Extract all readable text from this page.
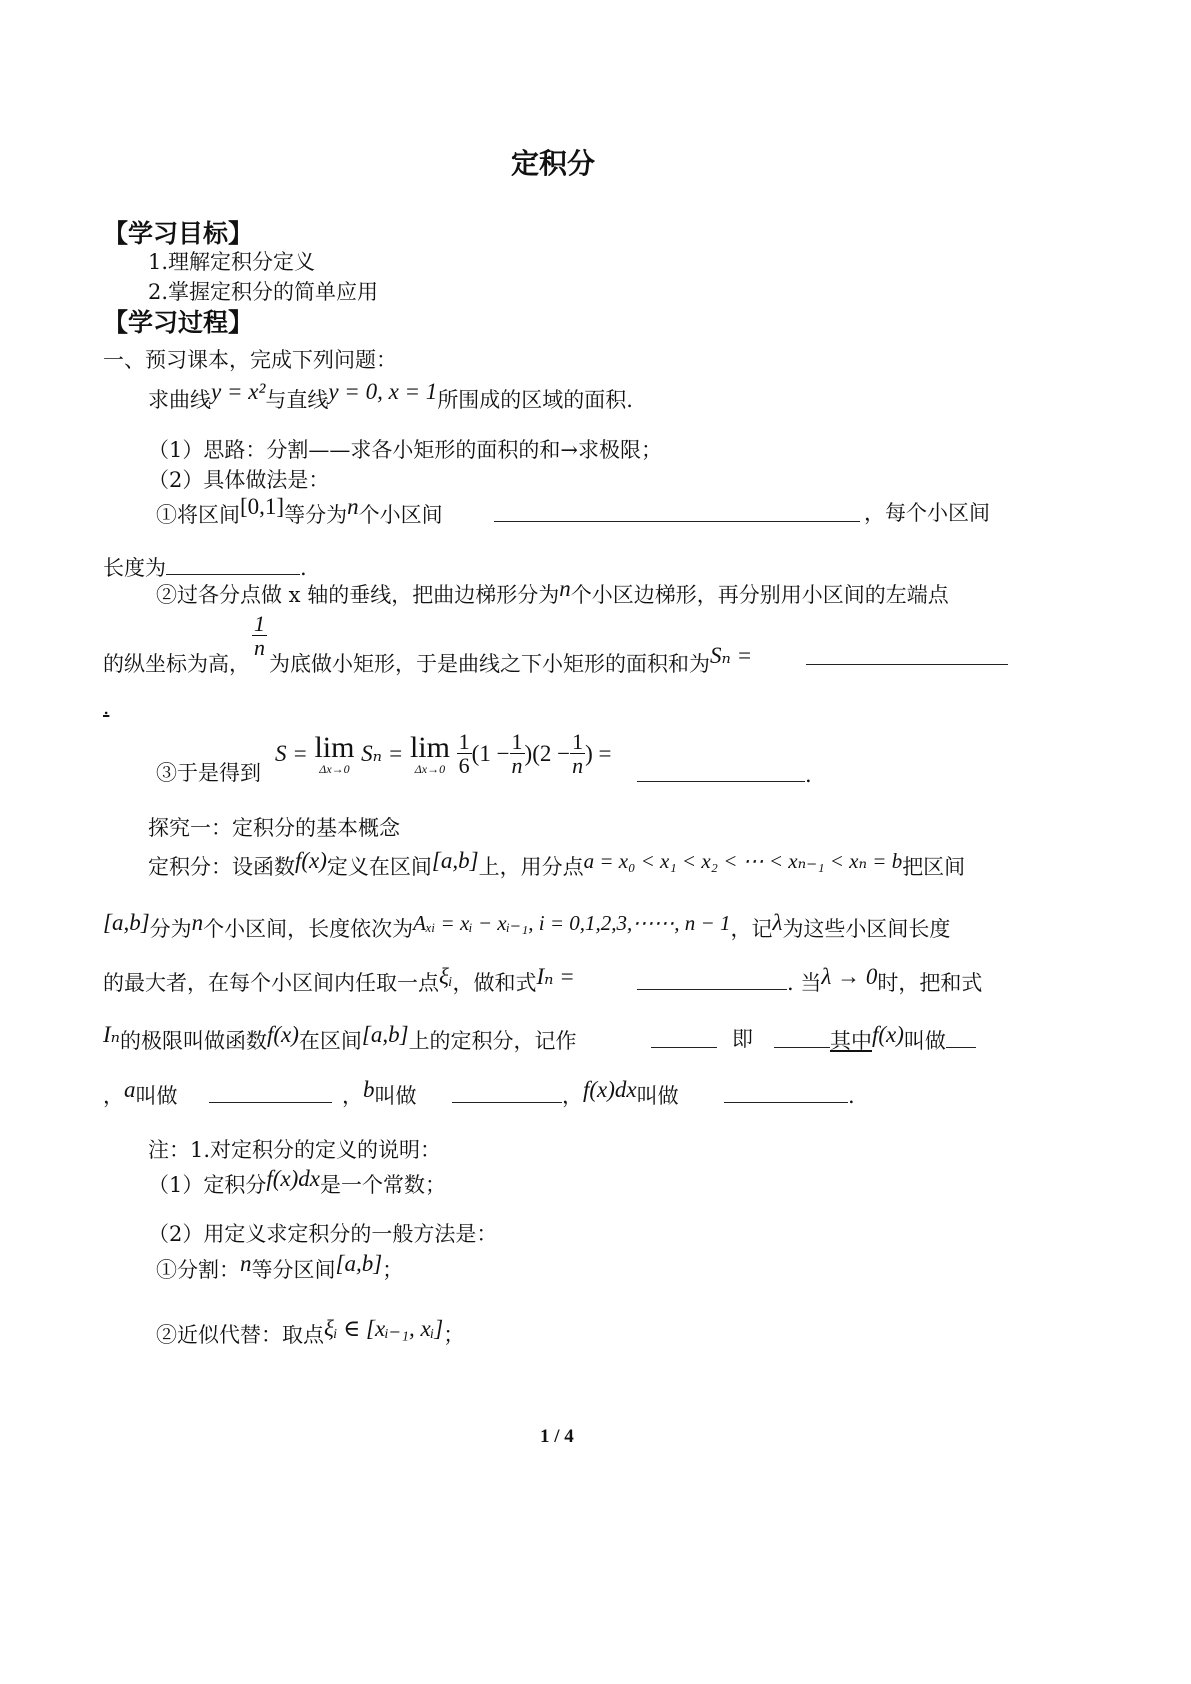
定积分
【学习目标】
1.理解定积分定义
2.掌握定积分的简单应用
【学习过程】
一、预习课本，完成下列问题：
求曲线y = x²与直线y = 0, x = 1所围成的区域的面积.
（1）思路：分割——求各小矩形的面积的和→求极限；
（2）具体做法是：
①将区间[0,1]等分为n个小区间	，每个小区间
长度为	.
②过各分点做 x 轴的垂线，把曲边梯形分为n个小区边梯形，再分别用小区间的左端点
的纵坐标为高，
$\frac{1}{n}$
为底做小矩形，于是曲线之下小矩形的面积和为Sₙ =
.
③于是得到
S = lim
Δx→0
Sₙ = lim
Δx→0
$\frac{1}{6} (1 - \frac{1}{n} )(2 - \frac{1}{n}$ ) =
.
探究一：定积分的基本概念
定积分：设函数f(x)定义在区间[a,b]上，用分点a = x₀ < x₁ < x₂ < ⋯ < xₙ₋₁ < xₙ = b把区间
[a,b]分为n个小区间，长度依次为Aₓᵢ = xᵢ − xᵢ₋₁, i = 0,1,2,3,⋯⋯, n − 1，记λ为这些小区间长度
的最大者，在每个小区间内任取一点ξᵢ，做和式Iₙ =	. 当λ → 0时，把和式
Iₙ的极限叫做函数f(x)在区间[a,b]上的定积分，记作	即	其中f(x)叫做
，a叫做	，b叫做	，f(x)dx叫做	.
注：1.对定积分的定义的说明：
（1）定积分f(x)dx是一个常数；
（2）用定义求定积分的一般方法是：
①分割：n等分区间[a,b]；
②近似代替：取点ξᵢ ∈ [xᵢ₋₁, xᵢ]；
1 / 4
